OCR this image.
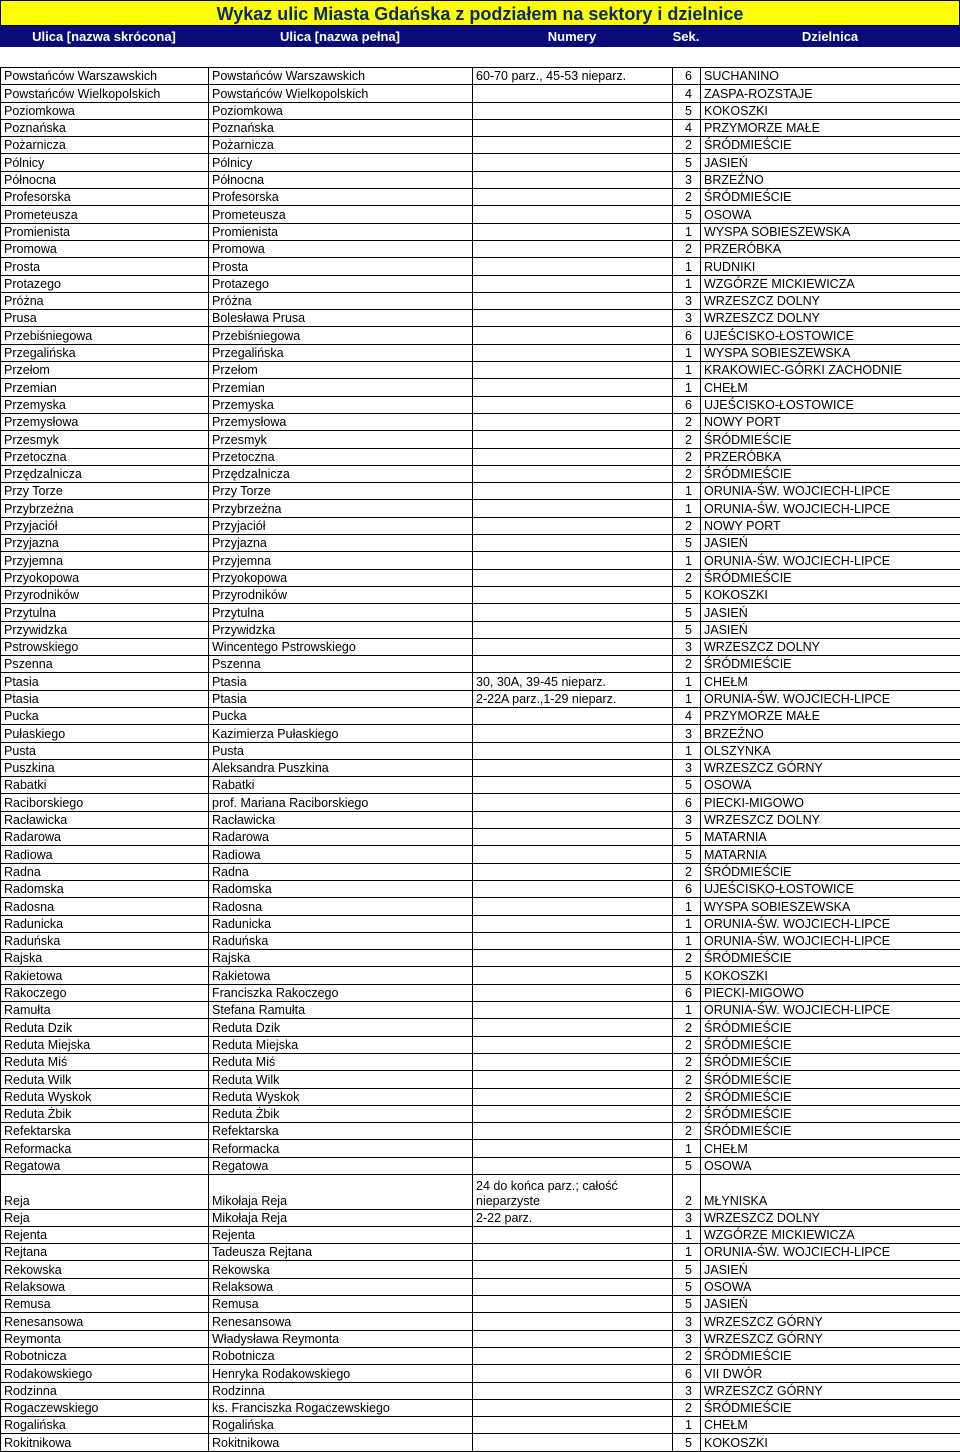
Wykaz ulic Miasta Gdańska z podziałem na sektory i dzielnice
Ulica [nazwa skrócona]	Ulica [nazwa pełna]	Numery	Sek.	Dzielnica
Powstańców Warszawskich	Powstańców Warszawskich	60-70 parz., 45-53 nieparz.	6	SUCHANINO
Powstańców Wielkopolskich	Powstańców Wielkopolskich		4	ZASPA-ROZSTAJE
Poziomkowa	Poziomkowa		5	KOKOSZKI
Poznańska	Poznańska		4	PRZYMORZE MAŁE
Pożarnicza	Pożarnicza		2	ŚRÓDMIEŚCIE
Pólnicy	Pólnicy		5	JASIEŃ
Północna	Północna		3	BRZEŹNO
Profesorska	Profesorska		2	ŚRÓDMIEŚCIE
Prometeusza	Prometeusza		5	OSOWA
Promienista	Promienista		1	WYSPA SOBIESZEWSKA
Promowa	Promowa		2	PRZERÓBKA
Prosta	Prosta		1	RUDNIKI
Protazego	Protazego		1	WZGÓRZE MICKIEWICZA
Próżna	Próżna		3	WRZESZCZ DOLNY
Prusa	Bolesława Prusa		3	WRZESZCZ DOLNY
Przebiśniegowa	Przebiśniegowa		6	UJEŚCISKO-ŁOSTOWICE
Przegalińska	Przegalińska		1	WYSPA SOBIESZEWSKA
Przełom	Przełom		1	KRAKOWIEC-GÓRKI ZACHODNIE
Przemian	Przemian		1	CHEŁM
Przemyska	Przemyska		6	UJEŚCISKO-ŁOSTOWICE
Przemysłowa	Przemysłowa		2	NOWY PORT
Przesmyk	Przesmyk		2	ŚRÓDMIEŚCIE
Przetoczna	Przetoczna		2	PRZERÓBKA
Przędzalnicza	Przędzalnicza		2	ŚRÓDMIEŚCIE
Przy Torze	Przy Torze		1	ORUNIA-ŚW. WOJCIECH-LIPCE
Przybrzeżna	Przybrzeżna		1	ORUNIA-ŚW. WOJCIECH-LIPCE
Przyjaciół	Przyjaciół		2	NOWY PORT
Przyjazna	Przyjazna		5	JASIEŃ
Przyjemna	Przyjemna		1	ORUNIA-ŚW. WOJCIECH-LIPCE
Przyokopowa	Przyokopowa		2	ŚRÓDMIEŚCIE
Przyrodników	Przyrodników		5	KOKOSZKI
Przytulna	Przytulna		5	JASIEŃ
Przywidzka	Przywidzka		5	JASIEŃ
Pstrowskiego	Wincentego Pstrowskiego		3	WRZESZCZ DOLNY
Pszenna	Pszenna		2	ŚRÓDMIEŚCIE
Ptasia	Ptasia	30, 30A, 39-45 nieparz.	1	CHEŁM
Ptasia	Ptasia	2-22A parz.,1-29 nieparz.	1	ORUNIA-ŚW. WOJCIECH-LIPCE
Pucka	Pucka		4	PRZYMORZE MAŁE
Pułaskiego	Kazimierza Pułaskiego		3	BRZEŹNO
Pusta	Pusta		1	OLSZYNKA
Puszkina	Aleksandra Puszkina		3	WRZESZCZ GÓRNY
Rabatki	Rabatki		5	OSOWA
Raciborskiego	prof. Mariana Raciborskiego		6	PIECKI-MIGOWO
Racławicka	Racławicka		3	WRZESZCZ DOLNY
Radarowa	Radarowa		5	MATARNIA
Radiowa	Radiowa		5	MATARNIA
Radna	Radna		2	ŚRÓDMIEŚCIE
Radomska	Radomska		6	UJEŚCISKO-ŁOSTOWICE
Radosna	Radosna		1	WYSPA SOBIESZEWSKA
Radunicka	Radunicka		1	ORUNIA-ŚW. WOJCIECH-LIPCE
Raduńska	Raduńska		1	ORUNIA-ŚW. WOJCIECH-LIPCE
Rajska	Rajska		2	ŚRÓDMIEŚCIE
Rakietowa	Rakietowa		5	KOKOSZKI
Rakoczego	Franciszka Rakoczego		6	PIECKI-MIGOWO
Ramułta	Stefana Ramułta		1	ORUNIA-ŚW. WOJCIECH-LIPCE
Reduta Dzik	Reduta Dzik		2	ŚRÓDMIEŚCIE
Reduta Miejska	Reduta Miejska		2	ŚRÓDMIEŚCIE
Reduta Miś	Reduta Miś		2	ŚRÓDMIEŚCIE
Reduta Wilk	Reduta Wilk		2	ŚRÓDMIEŚCIE
Reduta Wyskok	Reduta Wyskok		2	ŚRÓDMIEŚCIE
Reduta Żbik	Reduta Żbik		2	ŚRÓDMIEŚCIE
Refektarska	Refektarska		2	ŚRÓDMIEŚCIE
Reformacka	Reformacka		1	CHEŁM
Regatowa	Regatowa		5	OSOWA
Reja	Mikołaja Reja	24 do końca parz.; całość nieparzyste	2	MŁYNISKA
Reja	Mikołaja Reja	2-22 parz.	3	WRZESZCZ DOLNY
Rejenta	Rejenta		1	WZGÓRZE MICKIEWICZA
Rejtana	Tadeusza Rejtana		1	ORUNIA-ŚW. WOJCIECH-LIPCE
Rekowska	Rekowska		5	JASIEŃ
Relaksowa	Relaksowa		5	OSOWA
Remusa	Remusa		5	JASIEŃ
Renesansowa	Renesansowa		3	WRZESZCZ GÓRNY
Reymonta	Władysława Reymonta		3	WRZESZCZ GÓRNY
Robotnicza	Robotnicza		2	ŚRÓDMIEŚCIE
Rodakowskiego	Henryka Rodakowskiego		6	VII DWÓR
Rodzinna	Rodzinna		3	WRZESZCZ GÓRNY
Rogaczewskiego	ks. Franciszka Rogaczewskiego		2	ŚRÓDMIEŚCIE
Rogalińska	Rogalińska		1	CHEŁM
Rokitnikowa	Rokitnikowa		5	KOKOSZKI
